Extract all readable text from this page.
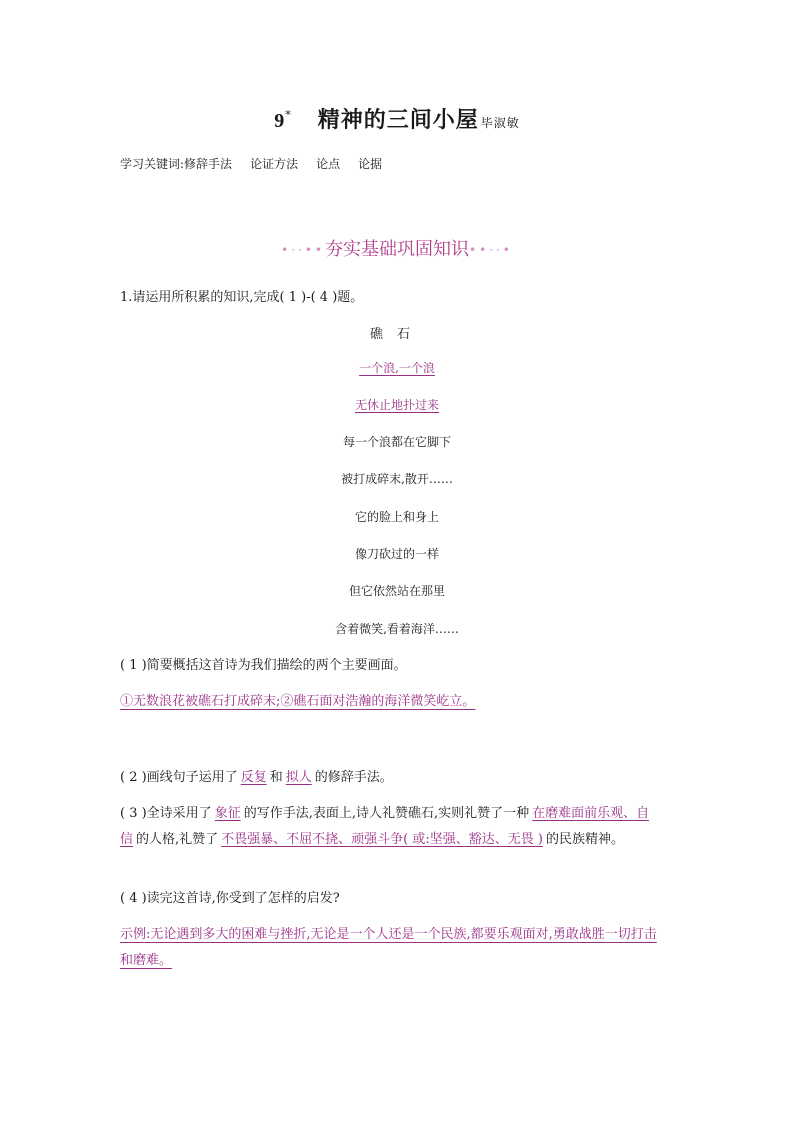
9* 精神的三间小屋 毕淑敏
学习关键词:修辞手法 论证方法 论点 论据
•··••夯实基础巩固知识••··•
1.请运用所积累的知识,完成( 1 )-( 4 )题。
礁石
一个浪,一个浪
无休止地扑过来
每一个浪都在它脚下
被打成碎末,散开……
它的脸上和身上
像刀砍过的一样
但它依然站在那里
含着微笑,看着海洋……
( 1 )简要概括这首诗为我们描绘的两个主要画面。
①无数浪花被礁石打成碎末;②礁石面对浩瀚的海洋微笑屹立。
( 2 )画线句子运用了 反复 和 拟人 的修辞手法。
( 3 )全诗采用了 象征 的写作手法,表面上,诗人礼赞礁石,实则礼赞了一种 在磨难面前乐观、自信 的人格,礼赞了 不畏强暴、不屈不挠、顽强斗争( 或:坚强、豁达、无畏 ) 的民族精神。
( 4 )读完这首诗,你受到了怎样的启发?
示例:无论遇到多大的困难与挫折,无论是一个人还是一个民族,都要乐观面对,勇敢战胜一切打击和磨难。
